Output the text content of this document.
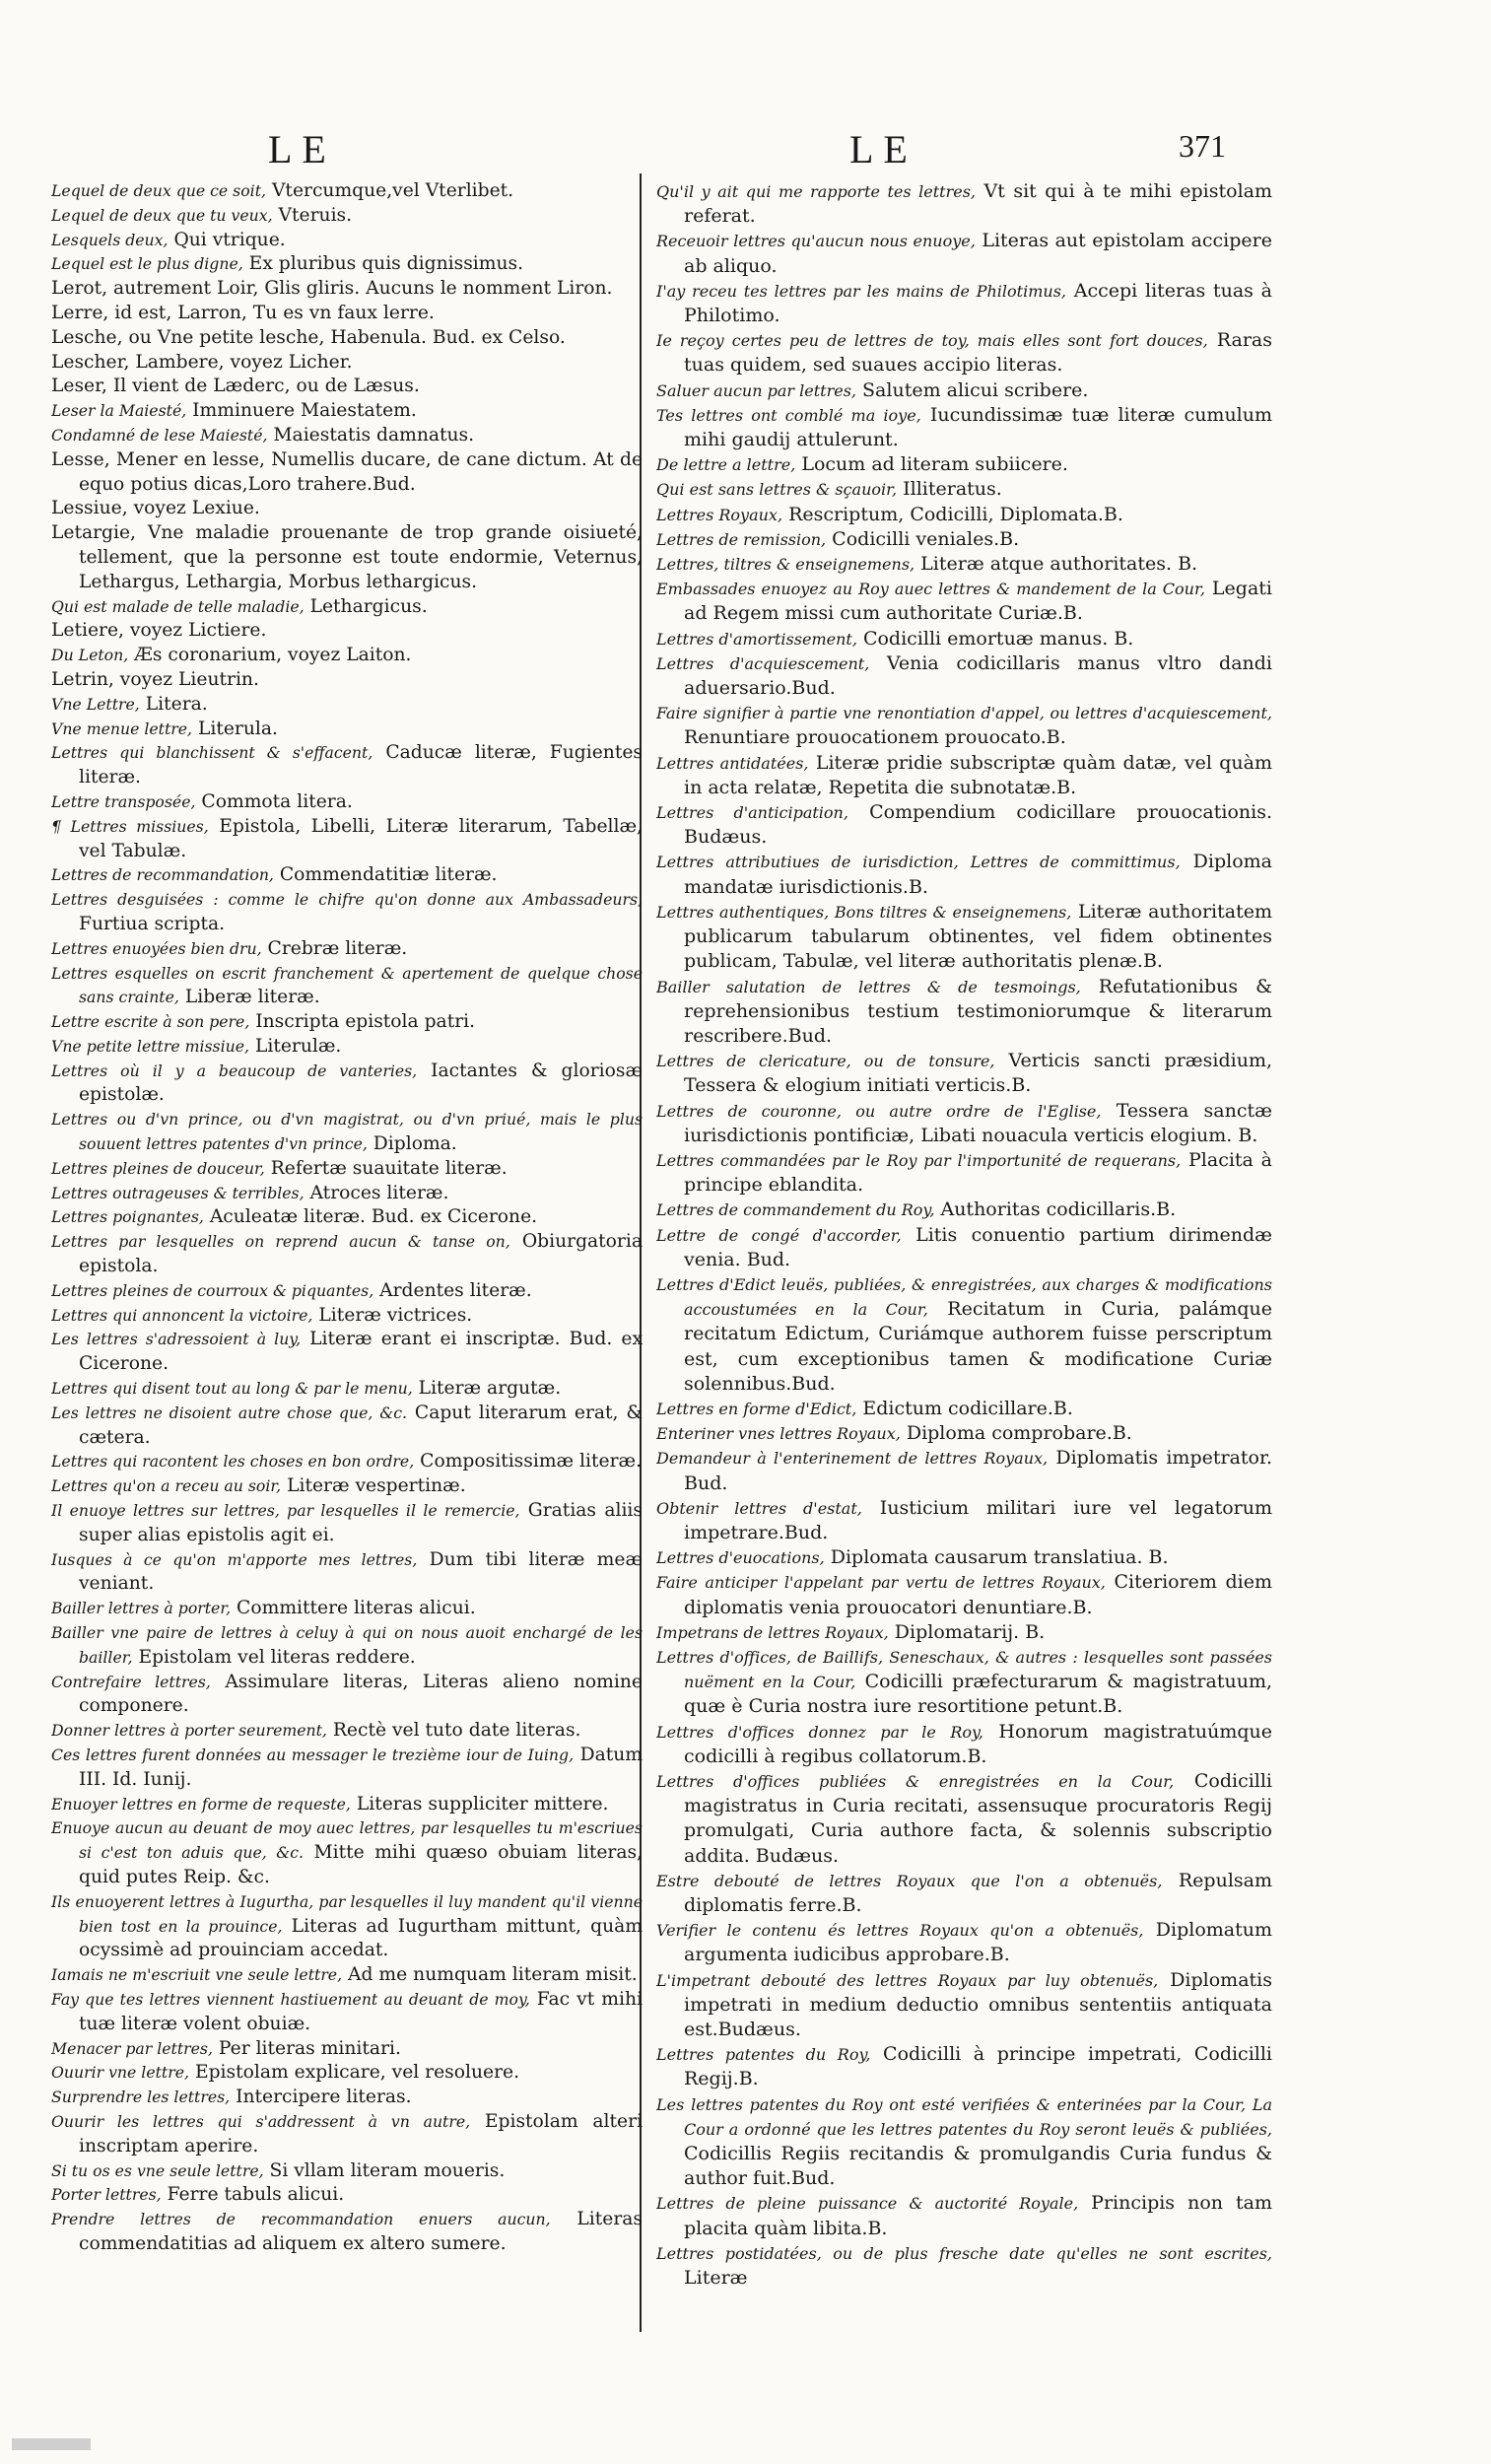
LE	LE	371

Lequel de deux que ce soit, Vtercumque,vel Vterlibet.

Lequel de deux que tu veux, Vteruis.

Lesquels deux, Qui vtrique.

Lequel est le plus digne, Ex pluribus quis dignissimus.

Lerot, autrement Loir, Glis gliris. Aucuns le nomment Liron.

Lerre, id est, Larron, Tu es vn faux lerre.

Lesche, ou Vne petite lesche, Habenula. Bud. ex Celso.

Lescher, Lambere, voyez Licher.

Leser, Il vient de Læderc, ou de Læsus.

Leser la Maiesté, Imminuere Maiestatem.

Condamné de lese Maiesté, Maiestatis damnatus.

Lesse, Mener en lesse, Numellis ducare, de cane dictum. At de equo potius dicas,Loro trahere.Bud.

Lessiue, voyez Lexiue.

Letargie, Vne maladie prouenante de trop grande oisiueté, tellement, que la personne est toute endormie, Veternus, Lethargus, Lethargia, Morbus lethargicus.

Qui est malade de telle maladie, Lethargicus.

Letiere, voyez Lictiere.

Du Leton, Æs coronarium, voyez Laiton.

Letrin, voyez Lieutrin.

Vne Lettre, Litera.

Vne menue lettre, Literula.

Lettres qui blanchissent & s'effacent, Caducæ literæ, Fugientes literæ.

Lettre transposée, Commota litera.

¶ Lettres missiues, Epistola, Libelli, Literæ literarum, Tabellæ, vel Tabulæ.

Lettres de recommandation, Commendatitiæ literæ.

Lettres desguisées : comme le chifre qu'on donne aux Ambassadeurs, Furtiua scripta.

Lettres enuoyées bien dru, Crebræ literæ.

Lettres esquelles on escrit franchement & apertement de quelque chose sans crainte, Liberæ literæ.

Lettre escrite à son pere, Inscripta epistola patri.

Vne petite lettre missiue, Literulæ.

Lettres où il y a beaucoup de vanteries, Iactantes & gloriosæ epistolæ.

Lettres ou d'vn prince, ou d'vn magistrat, ou d'vn priué, mais le plus souuent lettres patentes d'vn prince, Diploma.

Lettres pleines de douceur, Refertæ suauitate literæ.

Lettres outrageuses & terribles, Atroces literæ.

Lettres poignantes, Aculeatæ literæ. Bud. ex Cicerone.

Lettres par lesquelles on reprend aucun & tanse on, Obiurgatoria epistola.

Lettres pleines de courroux & piquantes, Ardentes literæ.

Lettres qui annoncent la victoire, Literæ victrices.

Les lettres s'adressoient à luy, Literæ erant ei inscriptæ. Bud. ex Cicerone.

Lettres qui disent tout au long & par le menu, Literæ argutæ.

Les lettres ne disoient autre chose que, &c. Caput literarum erat, & cætera.

Lettres qui racontent les choses en bon ordre, Compositissimæ literæ.

Lettres qu'on a receu au soir, Literæ vespertinæ.

Il enuoye lettres sur lettres, par lesquelles il le remercie, Gratias aliis super alias epistolis agit ei.

Iusques à ce qu'on m'apporte mes lettres, Dum tibi literæ meæ veniant.

Bailler lettres à porter, Committere literas alicui.

Bailler vne paire de lettres à celuy à qui on nous auoit enchargé de les bailler, Epistolam vel literas reddere.

Contrefaire lettres, Assimulare literas, Literas alieno nomine componere.

Donner lettres à porter seurement, Rectè vel tuto date literas.

Ces lettres furent données au messager le trezième iour de Iuing, Datum III. Id. Iunij.

Enuoyer lettres en forme de requeste, Literas suppliciter mittere.

Enuoye aucun au deuant de moy auec lettres, par lesquelles tu m'escriues si c'est ton aduis que, &c. Mitte mihi quæso obuiam literas, quid putes Reip. &c.

Ils enuoyerent lettres à Iugurtha, par lesquelles il luy mandent qu'il vienne bien tost en la prouince, Literas ad Iugurtham mittunt, quàm ocyssimè ad prouinciam accedat.

Iamais ne m'escriuit vne seule lettre, Ad me numquam literam misit.

Fay que tes lettres viennent hastiuement au deuant de moy, Fac vt mihi tuæ literæ volent obuiæ.

Menacer par lettres, Per literas minitari.

Ouurir vne lettre, Epistolam explicare, vel resoluere.

Surprendre les lettres, Intercipere literas.

Ouurir les lettres qui s'addressent à vn autre, Epistolam alteri inscriptam aperire.

Si tu os es vne seule lettre, Si vllam literam moueris.

Porter lettres, Ferre tabuls alicui.

Prendre lettres de recommandation enuers aucun, Literas commendatitias ad aliquem ex altero sumere.

Qu'il y ait qui me rapporte tes lettres, Vt sit qui à te mihi epistolam referat.

Receuoir lettres qu'aucun nous enuoye, Literas aut epistolam accipere ab aliquo.

I'ay receu tes lettres par les mains de Philotimus, Accepi literas tuas à Philotimo.

Ie reçoy certes peu de lettres de toy, mais elles sont fort douces, Raras tuas quidem, sed suaues accipio literas.

Saluer aucun par lettres, Salutem alicui scribere.

Tes lettres ont comblé ma ioye, Iucundissimæ tuæ literæ cumulum mihi gaudij attulerunt.

De lettre a lettre, Locum ad literam subiicere.

Qui est sans lettres & sçauoir, Illiteratus.

Lettres Royaux, Rescriptum, Codicilli, Diplomata.B.

Lettres de remission, Codicilli veniales.B.

Lettres, tiltres & enseignemens, Literæ atque authoritates. B.

Embassades enuoyez au Roy auec lettres & mandement de la Cour, Legati ad Regem missi cum authoritate Curiæ.B.

Lettres d'amortissement, Codicilli emortuæ manus. B.

Lettres d'acquiescement, Venia codicillaris manus vltro dandi aduersario.Bud.

Faire signifier à partie vne renontiation d'appel, ou lettres d'acquiescement, Renuntiare prouocationem prouocato.B.

Lettres antidatées, Literæ pridie subscriptæ quàm datæ, vel quàm in acta relatæ, Repetita die subnotatæ.B.

Lettres d'anticipation, Compendium codicillare prouocationis. Budæus.

Lettres attributiues de iurisdiction, Lettres de committimus, Diploma mandatæ iurisdictionis.B.

Lettres authentiques, Bons tiltres & enseignemens, Literæ authoritatem publicarum tabularum obtinentes, vel fidem obtinentes publicam, Tabulæ, vel literæ authoritatis plenæ.B.

Bailler salutation de lettres & de tesmoings, Refutationibus & reprehensionibus testium testimoniorumque & literarum rescribere.Bud.

Lettres de clericature, ou de tonsure, Verticis sancti præsidium, Tessera & elogium initiati verticis.B.

Lettres de couronne, ou autre ordre de l'Eglise, Tessera sanctæ iurisdictionis pontificiæ, Libati nouacula verticis elogium. B.

Lettres commandées par le Roy par l'importunité de requerans, Placita à principe eblandita.

Lettres de commandement du Roy, Authoritas codicillaris.B.

Lettre de congé d'accorder, Litis conuentio partium dirimendæ venia. Bud.

Lettres d'Edict leuës, publiées, & enregistrées, aux charges & modifications accoustumées en la Cour, Recitatum in Curia, palámque recitatum Edictum, Curiámque authorem fuisse perscriptum est, cum exceptionibus tamen & modificatione Curiæ solennibus.Bud.

Lettres en forme d'Edict, Edictum codicillare.B.

Enteriner vnes lettres Royaux, Diploma comprobare.B.

Demandeur à l'enterinement de lettres Royaux, Diplomatis impetrator. Bud.

Obtenir lettres d'estat, Iusticium militari iure vel legatorum impetrare.Bud.

Lettres d'euocations, Diplomata causarum translatiua. B.

Faire anticiper l'appelant par vertu de lettres Royaux, Citeriorem diem diplomatis venia prouocatori denuntiare.B.

Impetrans de lettres Royaux, Diplomatarij. B.

Lettres d'offices, de Baillifs, Seneschaux, & autres : lesquelles sont passées nuëment en la Cour, Codicilli præfecturarum & magistratuum, quæ è Curia nostra iure resortitione petunt.B.

Lettres d'offices donnez par le Roy, Honorum magistratuúmque codicilli à regibus collatorum.B.

Lettres d'offices publiées & enregistrées en la Cour, Codicilli magistratus in Curia recitati, assensuque procuratoris Regij promulgati, Curia authore facta, & solennis subscriptio addita. Budæus.

Estre debouté de lettres Royaux que l'on a obtenuës, Repulsam diplomatis ferre.B.

Verifier le contenu és lettres Royaux qu'on a obtenuës, Diplomatum argumenta iudicibus approbare.B.

L'impetrant debouté des lettres Royaux par luy obtenuës, Diplomatis impetrati in medium deductio omnibus sententiis antiquata est.Budæus.

Lettres patentes du Roy, Codicilli à principe impetrati, Codicilli Regij.B.

Les lettres patentes du Roy ont esté verifiées & enterinées par la Cour, La Cour a ordonné que les lettres patentes du Roy seront leuës & publiées, Codicillis Regiis recitandis & promulgandis Curia fundus & author fuit.Bud.

Lettres de pleine puissance & auctorité Royale, Principis non tam placita quàm libita.B.

Lettres postidatées, ou de plus fresche date qu'elles ne sont escrites, Literæ
